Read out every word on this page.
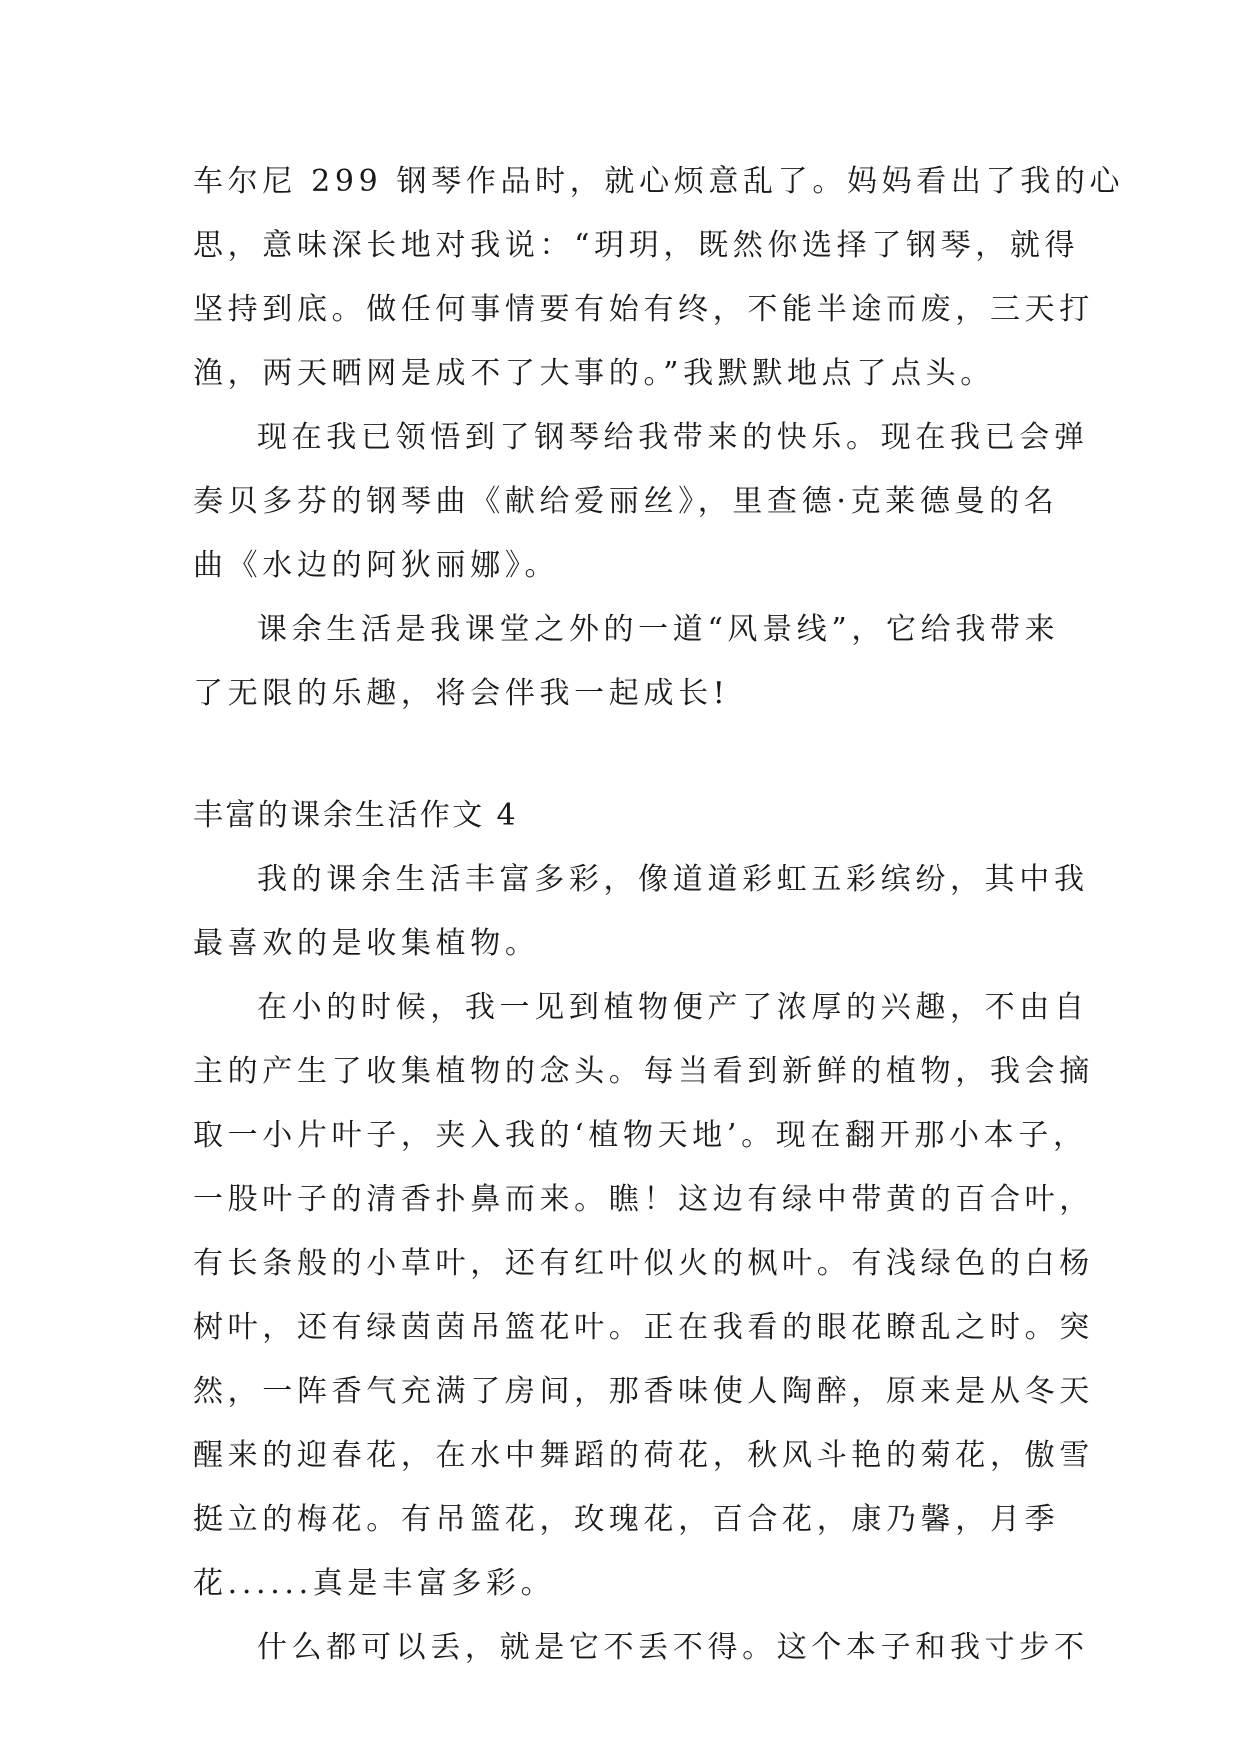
车尔尼 299 钢琴作品时，就心烦意乱了。妈妈看出了我的心
思，意味深长地对我说：“玥玥，既然你选择了钢琴，就得
坚持到底。做任何事情要有始有终，不能半途而废，三天打
渔，两天晒网是成不了大事的。”我默默地点了点头。
现在我已领悟到了钢琴给我带来的快乐。现在我已会弹
奏贝多芬的钢琴曲《献给爱丽丝》，里查德·克莱德曼的名
曲《水边的阿狄丽娜》。
课余生活是我课堂之外的一道“风景线”，它给我带来
了无限的乐趣，将会伴我一起成长!
丰富的课余生活作文 4
我的课余生活丰富多彩，像道道彩虹五彩缤纷，其中我
最喜欢的是收集植物。
在小的时候，我一见到植物便产了浓厚的兴趣，不由自
主的产生了收集植物的念头。每当看到新鲜的植物，我会摘
取一小片叶子，夹入我的‘植物天地’。现在翻开那小本子，
一股叶子的清香扑鼻而来。瞧！这边有绿中带黄的百合叶，
有长条般的小草叶，还有红叶似火的枫叶。有浅绿色的白杨
树叶，还有绿茵茵吊篮花叶。正在我看的眼花瞭乱之时。突
然，一阵香气充满了房间，那香味使人陶醉，原来是从冬天
醒来的迎春花，在水中舞蹈的荷花，秋风斗艳的菊花，傲雪
挺立的梅花。有吊篮花，玫瑰花，百合花，康乃馨，月季
花......真是丰富多彩。
什么都可以丢，就是它不丢不得。这个本子和我寸步不
